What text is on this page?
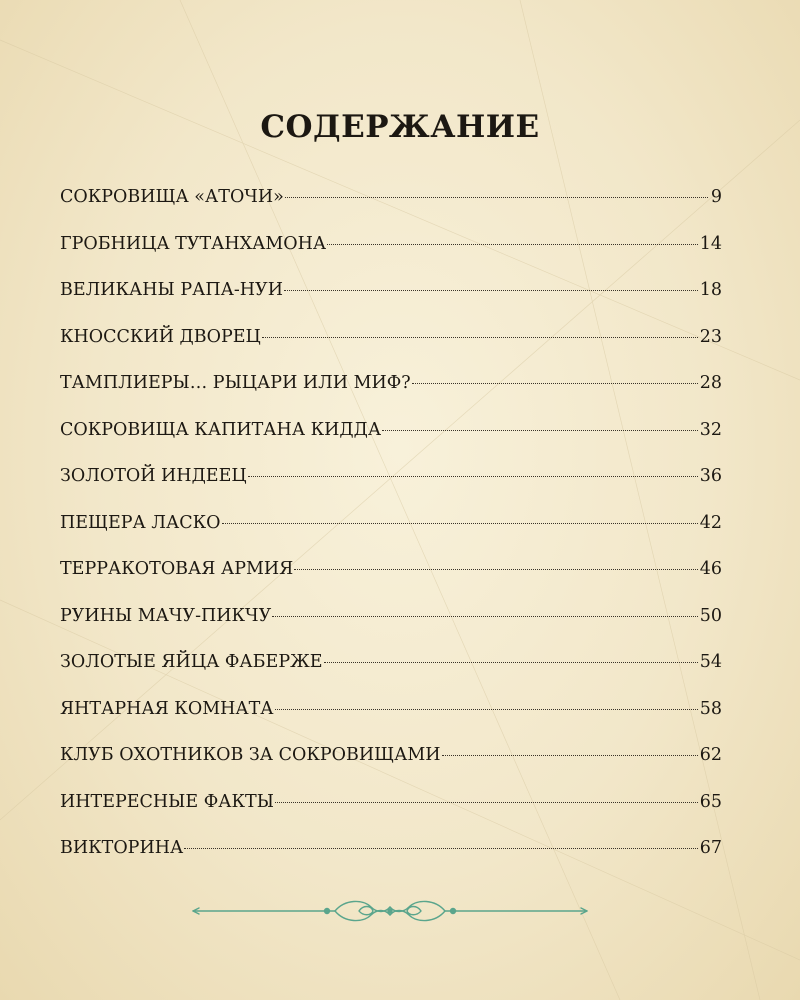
СОДЕРЖАНИЕ
СОКРОВИЩА «АТОЧИ»	9
ГРОБНИЦА ТУТАНХАМОНА	14
ВЕЛИКАНЫ РАПА-НУИ	18
КНОССКИЙ ДВОРЕЦ	23
ТАМПЛИЕРЫ… РЫЦАРИ ИЛИ МИФ?	28
СОКРОВИЩА КАПИТАНА КИДДА	32
ЗОЛОТОЙ ИНДЕЕЦ	36
ПЕЩЕРА ЛАСКО	42
ТЕРРАКОТОВАЯ АРМИЯ	46
РУИНЫ МАЧУ-ПИКЧУ	50
ЗОЛОТЫЕ ЯЙЦА ФАБЕРЖЕ	54
ЯНТАРНАЯ КОМНАТА	58
КЛУБ ОХОТНИКОВ ЗА СОКРОВИЩАМИ	62
ИНТЕРЕСНЫЕ ФАКТЫ	65
ВИКТОРИНА	67
